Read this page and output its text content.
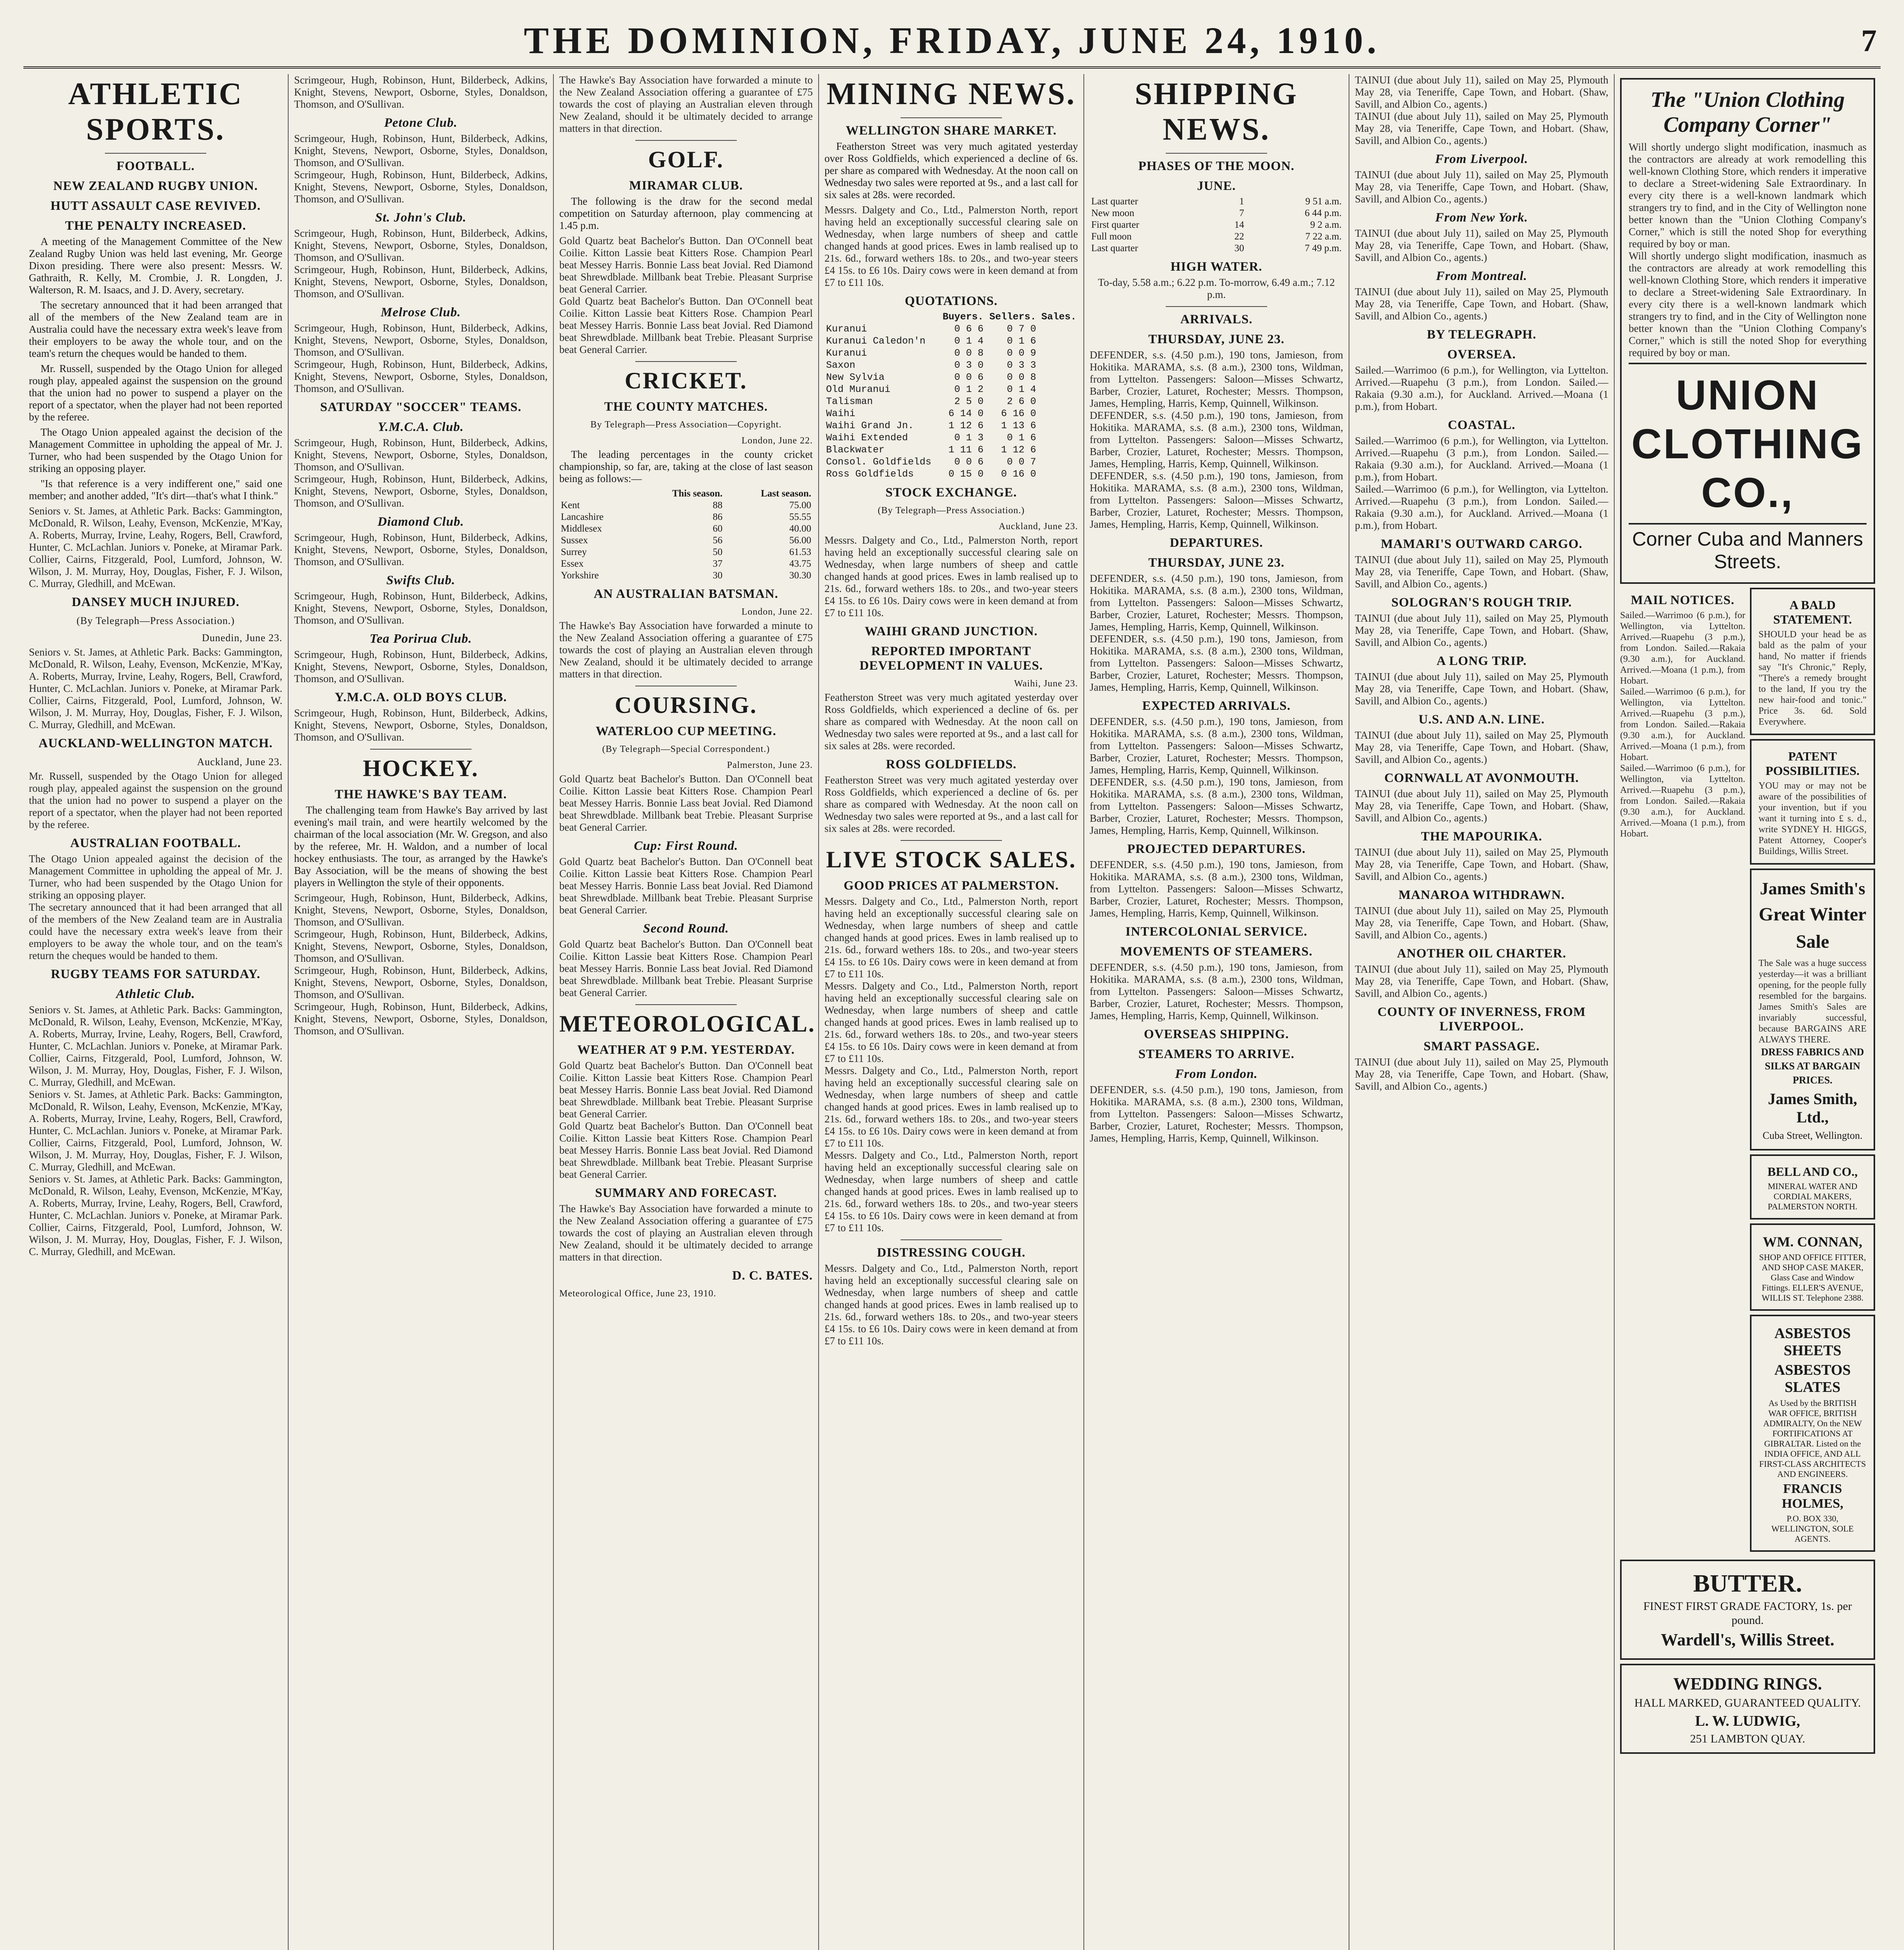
THE DOMINION, FRIDAY, JUNE 24, 1910.	7
ATHLETIC SPORTS.
FOOTBALL.
NEW ZEALAND RUGBY UNION.
HUTT ASSAULT CASE REVIVED.
THE PENALTY INCREASED.

A meeting of the Management Committee of the New Zealand Rugby Union was held last evening, Mr. George Dixon presiding. There were also present: Messrs. W. Gathraith, R. Kelly, M. Crombie, J. R. Longden, J. Walterson, R. M. Isaacs, and J. D. Avery, secretary.

The secretary announced that it had been arranged that all of the members of the New Zealand team are in Australia could have the necessary extra week's leave from their employers to be away the whole tour, and on the team's return the cheques would be handed to them.

Mr. Russell, suspended by the Otago Union for alleged rough play, appealed against the suspension on the ground that the union had no power to suspend a player on the report of a spectator, when the player had not been reported by the referee.

The Otago Union appealed against the decision of the Management Committee in upholding the appeal of Mr. J. Turner, who had been suspended by the Otago Union for striking an opposing player.

"Is that reference is a very indifferent one," said one member; and another added, "It's dirt—that's what I think."

Seniors v. St. James, at Athletic Park. Backs: Gammington, McDonald, R. Wilson, Leahy, Evenson, McKenzie, M'Kay, A. Roberts, Murray, Irvine, Leahy, Rogers, Bell, Crawford, Hunter, C. McLachlan. Juniors v. Poneke, at Miramar Park. Collier, Cairns, Fitzgerald, Pool, Lumford, Johnson, W. Wilson, J. M. Murray, Hoy, Douglas, Fisher, F. J. Wilson, C. Murray, Gledhill, and McEwan.
DANSEY MUCH INJURED.
(By Telegraph—Press Association.)
Dunedin, June 23.
Seniors v. St. James, at Athletic Park. Backs: Gammington, McDonald, R. Wilson, Leahy, Evenson, McKenzie, M'Kay, A. Roberts, Murray, Irvine, Leahy, Rogers, Bell, Crawford, Hunter, C. McLachlan. Juniors v. Poneke, at Miramar Park. Collier, Cairns, Fitzgerald, Pool, Lumford, Johnson, W. Wilson, J. M. Murray, Hoy, Douglas, Fisher, F. J. Wilson, C. Murray, Gledhill, and McEwan.
AUCKLAND-WELLINGTON MATCH.
Auckland, June 23.
Mr. Russell, suspended by the Otago Union for alleged rough play, appealed against the suspension on the ground that the union had no power to suspend a player on the report of a spectator, when the player had not been reported by the referee.
AUSTRALIAN FOOTBALL.
The Otago Union appealed against the decision of the Management Committee in upholding the appeal of Mr. J. Turner, who had been suspended by the Otago Union for striking an opposing player.
The secretary announced that it had been arranged that all of the members of the New Zealand team are in Australia could have the necessary extra week's leave from their employers to be away the whole tour, and on the team's return the cheques would be handed to them.
RUGBY TEAMS FOR SATURDAY.
Athletic Club.
Seniors v. St. James, at Athletic Park. Backs: Gammington, McDonald, R. Wilson, Leahy, Evenson, McKenzie, M'Kay, A. Roberts, Murray, Irvine, Leahy, Rogers, Bell, Crawford, Hunter, C. McLachlan. Juniors v. Poneke, at Miramar Park. Collier, Cairns, Fitzgerald, Pool, Lumford, Johnson, W. Wilson, J. M. Murray, Hoy, Douglas, Fisher, F. J. Wilson, C. Murray, Gledhill, and McEwan.
Seniors v. St. James, at Athletic Park. Backs: Gammington, McDonald, R. Wilson, Leahy, Evenson, McKenzie, M'Kay, A. Roberts, Murray, Irvine, Leahy, Rogers, Bell, Crawford, Hunter, C. McLachlan. Juniors v. Poneke, at Miramar Park. Collier, Cairns, Fitzgerald, Pool, Lumford, Johnson, W. Wilson, J. M. Murray, Hoy, Douglas, Fisher, F. J. Wilson, C. Murray, Gledhill, and McEwan.
Seniors v. St. James, at Athletic Park. Backs: Gammington, McDonald, R. Wilson, Leahy, Evenson, McKenzie, M'Kay, A. Roberts, Murray, Irvine, Leahy, Rogers, Bell, Crawford, Hunter, C. McLachlan. Juniors v. Poneke, at Miramar Park. Collier, Cairns, Fitzgerald, Pool, Lumford, Johnson, W. Wilson, J. M. Murray, Hoy, Douglas, Fisher, F. J. Wilson, C. Murray, Gledhill, and McEwan.
Scrimgeour, Hugh, Robinson, Hunt, Bilderbeck, Adkins, Knight, Stevens, Newport, Osborne, Styles, Donaldson, Thomson, and O'Sullivan.
Petone Club.
Scrimgeour, Hugh, Robinson, Hunt, Bilderbeck, Adkins, Knight, Stevens, Newport, Osborne, Styles, Donaldson, Thomson, and O'Sullivan.
Scrimgeour, Hugh, Robinson, Hunt, Bilderbeck, Adkins, Knight, Stevens, Newport, Osborne, Styles, Donaldson, Thomson, and O'Sullivan.
St. John's Club.
Scrimgeour, Hugh, Robinson, Hunt, Bilderbeck, Adkins, Knight, Stevens, Newport, Osborne, Styles, Donaldson, Thomson, and O'Sullivan.
Scrimgeour, Hugh, Robinson, Hunt, Bilderbeck, Adkins, Knight, Stevens, Newport, Osborne, Styles, Donaldson, Thomson, and O'Sullivan.
Melrose Club.
Scrimgeour, Hugh, Robinson, Hunt, Bilderbeck, Adkins, Knight, Stevens, Newport, Osborne, Styles, Donaldson, Thomson, and O'Sullivan.
Scrimgeour, Hugh, Robinson, Hunt, Bilderbeck, Adkins, Knight, Stevens, Newport, Osborne, Styles, Donaldson, Thomson, and O'Sullivan.
SATURDAY "SOCCER" TEAMS.
Y.M.C.A. Club.
Scrimgeour, Hugh, Robinson, Hunt, Bilderbeck, Adkins, Knight, Stevens, Newport, Osborne, Styles, Donaldson, Thomson, and O'Sullivan.
Scrimgeour, Hugh, Robinson, Hunt, Bilderbeck, Adkins, Knight, Stevens, Newport, Osborne, Styles, Donaldson, Thomson, and O'Sullivan.
Diamond Club.
Scrimgeour, Hugh, Robinson, Hunt, Bilderbeck, Adkins, Knight, Stevens, Newport, Osborne, Styles, Donaldson, Thomson, and O'Sullivan.
Swifts Club.
Scrimgeour, Hugh, Robinson, Hunt, Bilderbeck, Adkins, Knight, Stevens, Newport, Osborne, Styles, Donaldson, Thomson, and O'Sullivan.
Tea Porirua Club.
Scrimgeour, Hugh, Robinson, Hunt, Bilderbeck, Adkins, Knight, Stevens, Newport, Osborne, Styles, Donaldson, Thomson, and O'Sullivan.
Y.M.C.A. OLD BOYS CLUB.
Scrimgeour, Hugh, Robinson, Hunt, Bilderbeck, Adkins, Knight, Stevens, Newport, Osborne, Styles, Donaldson, Thomson, and O'Sullivan.
HOCKEY.
THE HAWKE'S BAY TEAM.

The challenging team from Hawke's Bay arrived by last evening's mail train, and were heartily welcomed by the chairman of the local association (Mr. W. Gregson, and also by the referee, Mr. H. Waldon, and a number of local hockey enthusiasts. The tour, as arranged by the Hawke's Bay Association, will be the means of showing the best players in Wellington the style of their opponents.

Scrimgeour, Hugh, Robinson, Hunt, Bilderbeck, Adkins, Knight, Stevens, Newport, Osborne, Styles, Donaldson, Thomson, and O'Sullivan.
Scrimgeour, Hugh, Robinson, Hunt, Bilderbeck, Adkins, Knight, Stevens, Newport, Osborne, Styles, Donaldson, Thomson, and O'Sullivan.
Scrimgeour, Hugh, Robinson, Hunt, Bilderbeck, Adkins, Knight, Stevens, Newport, Osborne, Styles, Donaldson, Thomson, and O'Sullivan.
Scrimgeour, Hugh, Robinson, Hunt, Bilderbeck, Adkins, Knight, Stevens, Newport, Osborne, Styles, Donaldson, Thomson, and O'Sullivan.
The Hawke's Bay Association have forwarded a minute to the New Zealand Association offering a guarantee of £75 towards the cost of playing an Australian eleven through New Zealand, should it be ultimately decided to arrange matters in that direction.
GOLF.
MIRAMAR CLUB.

The following is the draw for the second medal competition on Saturday afternoon, play commencing at 1.45 p.m.

Gold Quartz beat Bachelor's Button. Dan O'Connell beat Coilie. Kitton Lassie beat Kitters Rose. Champion Pearl beat Messey Harris. Bonnie Lass beat Jovial. Red Diamond beat Shrewdblade. Millbank beat Trebie. Pleasant Surprise beat General Carrier.
Gold Quartz beat Bachelor's Button. Dan O'Connell beat Coilie. Kitton Lassie beat Kitters Rose. Champion Pearl beat Messey Harris. Bonnie Lass beat Jovial. Red Diamond beat Shrewdblade. Millbank beat Trebie. Pleasant Surprise beat General Carrier.
CRICKET.
THE COUNTY MATCHES.
By Telegraph—Press Association—Copyright.
London, June 22.

The leading percentages in the county cricket championship, so far, are, taking at the close of last season being as follows:—

	This season.	Last season.
Kent	88	75.00
Lancashire	86	55.55
Middlesex	60	40.00
Sussex	56	56.00
Surrey	50	61.53
Essex	37	43.75
Yorkshire	30	30.30
AN AUSTRALIAN BATSMAN.
London, June 22.
The Hawke's Bay Association have forwarded a minute to the New Zealand Association offering a guarantee of £75 towards the cost of playing an Australian eleven through New Zealand, should it be ultimately decided to arrange matters in that direction.
COURSING.
WATERLOO CUP MEETING.
(By Telegraph—Special Correspondent.)
Palmerston, June 23.
Gold Quartz beat Bachelor's Button. Dan O'Connell beat Coilie. Kitton Lassie beat Kitters Rose. Champion Pearl beat Messey Harris. Bonnie Lass beat Jovial. Red Diamond beat Shrewdblade. Millbank beat Trebie. Pleasant Surprise beat General Carrier.
Cup: First Round.
Gold Quartz beat Bachelor's Button. Dan O'Connell beat Coilie. Kitton Lassie beat Kitters Rose. Champion Pearl beat Messey Harris. Bonnie Lass beat Jovial. Red Diamond beat Shrewdblade. Millbank beat Trebie. Pleasant Surprise beat General Carrier.
Second Round.
Gold Quartz beat Bachelor's Button. Dan O'Connell beat Coilie. Kitton Lassie beat Kitters Rose. Champion Pearl beat Messey Harris. Bonnie Lass beat Jovial. Red Diamond beat Shrewdblade. Millbank beat Trebie. Pleasant Surprise beat General Carrier.
METEOROLOGICAL.
WEATHER AT 9 P.M. YESTERDAY.
Gold Quartz beat Bachelor's Button. Dan O'Connell beat Coilie. Kitton Lassie beat Kitters Rose. Champion Pearl beat Messey Harris. Bonnie Lass beat Jovial. Red Diamond beat Shrewdblade. Millbank beat Trebie. Pleasant Surprise beat General Carrier.
Gold Quartz beat Bachelor's Button. Dan O'Connell beat Coilie. Kitton Lassie beat Kitters Rose. Champion Pearl beat Messey Harris. Bonnie Lass beat Jovial. Red Diamond beat Shrewdblade. Millbank beat Trebie. Pleasant Surprise beat General Carrier.
SUMMARY AND FORECAST.
The Hawke's Bay Association have forwarded a minute to the New Zealand Association offering a guarantee of £75 towards the cost of playing an Australian eleven through New Zealand, should it be ultimately decided to arrange matters in that direction.
D. C. BATES.
Meteorological Office, June 23, 1910.
MINING NEWS.
WELLINGTON SHARE MARKET.

Featherston Street was very much agitated yesterday over Ross Goldfields, which experienced a decline of 6s. per share as compared with Wednesday. At the noon call on Wednesday two sales were reported at 9s., and a last call for six sales at 28s. were recorded.

Messrs. Dalgety and Co., Ltd., Palmerston North, report having held an exceptionally successful clearing sale on Wednesday, when large numbers of sheep and cattle changed hands at good prices. Ewes in lamb realised up to 21s. 6d., forward wethers 18s. to 20s., and two-year steers £4 15s. to £6 10s. Dairy cows were in keen demand at from £7 to £11 10s.
QUOTATIONS.
	Buyers.	Sellers.	Sales.
Kuranui	0 6 6	0 7 0	
Kuranui Caledon'n	0 1 4	0 1 6	
Kuranui	0 0 8	0 0 9	
Saxon	0 3 0	0 3 3	
New Sylvia	0 0 6	0 0 8	
Old Muranui	0 1 2	0 1 4	
Talisman	2 5 0	2 6 0	
Waihi	6 14 0	6 16 0	
Waihi Grand Jn.	1 12 6	1 13 6	
Waihi Extended	0 1 3	0 1 6	
Blackwater	1 11 6	1 12 6	
Consol. Goldfields	0 0 6	0 0 7	
Ross Goldfields	0 15 0	0 16 0	
STOCK EXCHANGE.
(By Telegraph—Press Association.)
Auckland, June 23.
Messrs. Dalgety and Co., Ltd., Palmerston North, report having held an exceptionally successful clearing sale on Wednesday, when large numbers of sheep and cattle changed hands at good prices. Ewes in lamb realised up to 21s. 6d., forward wethers 18s. to 20s., and two-year steers £4 15s. to £6 10s. Dairy cows were in keen demand at from £7 to £11 10s.
WAIHI GRAND JUNCTION.
REPORTED IMPORTANT DEVELOPMENT IN VALUES.
Waihi, June 23.
Featherston Street was very much agitated yesterday over Ross Goldfields, which experienced a decline of 6s. per share as compared with Wednesday. At the noon call on Wednesday two sales were reported at 9s., and a last call for six sales at 28s. were recorded.
ROSS GOLDFIELDS.
Featherston Street was very much agitated yesterday over Ross Goldfields, which experienced a decline of 6s. per share as compared with Wednesday. At the noon call on Wednesday two sales were reported at 9s., and a last call for six sales at 28s. were recorded.
LIVE STOCK SALES.
GOOD PRICES AT PALMERSTON.
Messrs. Dalgety and Co., Ltd., Palmerston North, report having held an exceptionally successful clearing sale on Wednesday, when large numbers of sheep and cattle changed hands at good prices. Ewes in lamb realised up to 21s. 6d., forward wethers 18s. to 20s., and two-year steers £4 15s. to £6 10s. Dairy cows were in keen demand at from £7 to £11 10s.
Messrs. Dalgety and Co., Ltd., Palmerston North, report having held an exceptionally successful clearing sale on Wednesday, when large numbers of sheep and cattle changed hands at good prices. Ewes in lamb realised up to 21s. 6d., forward wethers 18s. to 20s., and two-year steers £4 15s. to £6 10s. Dairy cows were in keen demand at from £7 to £11 10s.
Messrs. Dalgety and Co., Ltd., Palmerston North, report having held an exceptionally successful clearing sale on Wednesday, when large numbers of sheep and cattle changed hands at good prices. Ewes in lamb realised up to 21s. 6d., forward wethers 18s. to 20s., and two-year steers £4 15s. to £6 10s. Dairy cows were in keen demand at from £7 to £11 10s.
Messrs. Dalgety and Co., Ltd., Palmerston North, report having held an exceptionally successful clearing sale on Wednesday, when large numbers of sheep and cattle changed hands at good prices. Ewes in lamb realised up to 21s. 6d., forward wethers 18s. to 20s., and two-year steers £4 15s. to £6 10s. Dairy cows were in keen demand at from £7 to £11 10s.
DISTRESSING COUGH.
Messrs. Dalgety and Co., Ltd., Palmerston North, report having held an exceptionally successful clearing sale on Wednesday, when large numbers of sheep and cattle changed hands at good prices. Ewes in lamb realised up to 21s. 6d., forward wethers 18s. to 20s., and two-year steers £4 15s. to £6 10s. Dairy cows were in keen demand at from £7 to £11 10s.
SHIPPING NEWS.
PHASES OF THE MOON.
JUNE.
Last quarter	1	9 51 a.m.
New moon	7	6 44 p.m.
First quarter	14	9 2 a.m.
Full moon	22	7 22 a.m.
Last quarter	30	7 49 p.m.
HIGH WATER.
To-day, 5.58 a.m.; 6.22 p.m. To-morrow, 6.49 a.m.; 7.12 p.m.
ARRIVALS.
THURSDAY, JUNE 23.
DEFENDER, s.s. (4.50 p.m.), 190 tons, Jamieson, from Hokitika. MARAMA, s.s. (8 a.m.), 2300 tons, Wildman, from Lyttelton. Passengers: Saloon—Misses Schwartz, Barber, Crozier, Laturet, Rochester; Messrs. Thompson, James, Hempling, Harris, Kemp, Quinnell, Wilkinson.
DEFENDER, s.s. (4.50 p.m.), 190 tons, Jamieson, from Hokitika. MARAMA, s.s. (8 a.m.), 2300 tons, Wildman, from Lyttelton. Passengers: Saloon—Misses Schwartz, Barber, Crozier, Laturet, Rochester; Messrs. Thompson, James, Hempling, Harris, Kemp, Quinnell, Wilkinson.
DEFENDER, s.s. (4.50 p.m.), 190 tons, Jamieson, from Hokitika. MARAMA, s.s. (8 a.m.), 2300 tons, Wildman, from Lyttelton. Passengers: Saloon—Misses Schwartz, Barber, Crozier, Laturet, Rochester; Messrs. Thompson, James, Hempling, Harris, Kemp, Quinnell, Wilkinson.
DEPARTURES.
THURSDAY, JUNE 23.
DEFENDER, s.s. (4.50 p.m.), 190 tons, Jamieson, from Hokitika. MARAMA, s.s. (8 a.m.), 2300 tons, Wildman, from Lyttelton. Passengers: Saloon—Misses Schwartz, Barber, Crozier, Laturet, Rochester; Messrs. Thompson, James, Hempling, Harris, Kemp, Quinnell, Wilkinson.
DEFENDER, s.s. (4.50 p.m.), 190 tons, Jamieson, from Hokitika. MARAMA, s.s. (8 a.m.), 2300 tons, Wildman, from Lyttelton. Passengers: Saloon—Misses Schwartz, Barber, Crozier, Laturet, Rochester; Messrs. Thompson, James, Hempling, Harris, Kemp, Quinnell, Wilkinson.
EXPECTED ARRIVALS.
DEFENDER, s.s. (4.50 p.m.), 190 tons, Jamieson, from Hokitika. MARAMA, s.s. (8 a.m.), 2300 tons, Wildman, from Lyttelton. Passengers: Saloon—Misses Schwartz, Barber, Crozier, Laturet, Rochester; Messrs. Thompson, James, Hempling, Harris, Kemp, Quinnell, Wilkinson.
DEFENDER, s.s. (4.50 p.m.), 190 tons, Jamieson, from Hokitika. MARAMA, s.s. (8 a.m.), 2300 tons, Wildman, from Lyttelton. Passengers: Saloon—Misses Schwartz, Barber, Crozier, Laturet, Rochester; Messrs. Thompson, James, Hempling, Harris, Kemp, Quinnell, Wilkinson.
PROJECTED DEPARTURES.
DEFENDER, s.s. (4.50 p.m.), 190 tons, Jamieson, from Hokitika. MARAMA, s.s. (8 a.m.), 2300 tons, Wildman, from Lyttelton. Passengers: Saloon—Misses Schwartz, Barber, Crozier, Laturet, Rochester; Messrs. Thompson, James, Hempling, Harris, Kemp, Quinnell, Wilkinson.
INTERCOLONIAL SERVICE.
MOVEMENTS OF STEAMERS.
DEFENDER, s.s. (4.50 p.m.), 190 tons, Jamieson, from Hokitika. MARAMA, s.s. (8 a.m.), 2300 tons, Wildman, from Lyttelton. Passengers: Saloon—Misses Schwartz, Barber, Crozier, Laturet, Rochester; Messrs. Thompson, James, Hempling, Harris, Kemp, Quinnell, Wilkinson.
OVERSEAS SHIPPING.
STEAMERS TO ARRIVE.
From London.
DEFENDER, s.s. (4.50 p.m.), 190 tons, Jamieson, from Hokitika. MARAMA, s.s. (8 a.m.), 2300 tons, Wildman, from Lyttelton. Passengers: Saloon—Misses Schwartz, Barber, Crozier, Laturet, Rochester; Messrs. Thompson, James, Hempling, Harris, Kemp, Quinnell, Wilkinson.
TAINUI (due about July 11), sailed on May 25, Plymouth May 28, via Teneriffe, Cape Town, and Hobart. (Shaw, Savill, and Albion Co., agents.)
TAINUI (due about July 11), sailed on May 25, Plymouth May 28, via Teneriffe, Cape Town, and Hobart. (Shaw, Savill, and Albion Co., agents.)
From Liverpool.
TAINUI (due about July 11), sailed on May 25, Plymouth May 28, via Teneriffe, Cape Town, and Hobart. (Shaw, Savill, and Albion Co., agents.)
From New York.
TAINUI (due about July 11), sailed on May 25, Plymouth May 28, via Teneriffe, Cape Town, and Hobart. (Shaw, Savill, and Albion Co., agents.)
From Montreal.
TAINUI (due about July 11), sailed on May 25, Plymouth May 28, via Teneriffe, Cape Town, and Hobart. (Shaw, Savill, and Albion Co., agents.)
BY TELEGRAPH.
OVERSEA.
Sailed.—Warrimoo (6 p.m.), for Wellington, via Lyttelton. Arrived.—Ruapehu (3 p.m.), from London. Sailed.—Rakaia (9.30 a.m.), for Auckland. Arrived.—Moana (1 p.m.), from Hobart.
COASTAL.
Sailed.—Warrimoo (6 p.m.), for Wellington, via Lyttelton. Arrived.—Ruapehu (3 p.m.), from London. Sailed.—Rakaia (9.30 a.m.), for Auckland. Arrived.—Moana (1 p.m.), from Hobart.
Sailed.—Warrimoo (6 p.m.), for Wellington, via Lyttelton. Arrived.—Ruapehu (3 p.m.), from London. Sailed.—Rakaia (9.30 a.m.), for Auckland. Arrived.—Moana (1 p.m.), from Hobart.
MAMARI'S OUTWARD CARGO.
TAINUI (due about July 11), sailed on May 25, Plymouth May 28, via Teneriffe, Cape Town, and Hobart. (Shaw, Savill, and Albion Co., agents.)
SOLOGRAN'S ROUGH TRIP.
TAINUI (due about July 11), sailed on May 25, Plymouth May 28, via Teneriffe, Cape Town, and Hobart. (Shaw, Savill, and Albion Co., agents.)
A LONG TRIP.
TAINUI (due about July 11), sailed on May 25, Plymouth May 28, via Teneriffe, Cape Town, and Hobart. (Shaw, Savill, and Albion Co., agents.)
U.S. AND A.N. LINE.
TAINUI (due about July 11), sailed on May 25, Plymouth May 28, via Teneriffe, Cape Town, and Hobart. (Shaw, Savill, and Albion Co., agents.)
CORNWALL AT AVONMOUTH.
TAINUI (due about July 11), sailed on May 25, Plymouth May 28, via Teneriffe, Cape Town, and Hobart. (Shaw, Savill, and Albion Co., agents.)
THE MAPOURIKA.
TAINUI (due about July 11), sailed on May 25, Plymouth May 28, via Teneriffe, Cape Town, and Hobart. (Shaw, Savill, and Albion Co., agents.)
MANAROA WITHDRAWN.
TAINUI (due about July 11), sailed on May 25, Plymouth May 28, via Teneriffe, Cape Town, and Hobart. (Shaw, Savill, and Albion Co., agents.)
ANOTHER OIL CHARTER.
TAINUI (due about July 11), sailed on May 25, Plymouth May 28, via Teneriffe, Cape Town, and Hobart. (Shaw, Savill, and Albion Co., agents.)
COUNTY OF INVERNESS, FROM LIVERPOOL.
SMART PASSAGE.
TAINUI (due about July 11), sailed on May 25, Plymouth May 28, via Teneriffe, Cape Town, and Hobart. (Shaw, Savill, and Albion Co., agents.)
The "Union Clothing Company Corner"
Will shortly undergo slight modification, inasmuch as the contractors are already at work remodelling this well-known Clothing Store, which renders it imperative to declare a Street-widening Sale Extraordinary. In every city there is a well-known landmark which strangers try to find, and in the City of Wellington none better known than the "Union Clothing Company's Corner," which is still the noted Shop for everything required by boy or man.
Will shortly undergo slight modification, inasmuch as the contractors are already at work remodelling this well-known Clothing Store, which renders it imperative to declare a Street-widening Sale Extraordinary. In every city there is a well-known landmark which strangers try to find, and in the City of Wellington none better known than the "Union Clothing Company's Corner," which is still the noted Shop for everything required by boy or man.
UNION CLOTHING CO.,
Corner Cuba and Manners Streets.
MAIL NOTICES.
Sailed.—Warrimoo (6 p.m.), for Wellington, via Lyttelton. Arrived.—Ruapehu (3 p.m.), from London. Sailed.—Rakaia (9.30 a.m.), for Auckland. Arrived.—Moana (1 p.m.), from Hobart.
Sailed.—Warrimoo (6 p.m.), for Wellington, via Lyttelton. Arrived.—Ruapehu (3 p.m.), from London. Sailed.—Rakaia (9.30 a.m.), for Auckland. Arrived.—Moana (1 p.m.), from Hobart.
Sailed.—Warrimoo (6 p.m.), for Wellington, via Lyttelton. Arrived.—Ruapehu (3 p.m.), from London. Sailed.—Rakaia (9.30 a.m.), for Auckland. Arrived.—Moana (1 p.m.), from Hobart.
A BALD STATEMENT.
SHOULD your head be as bald as the palm of your hand, No matter if friends say "It's Chronic," Reply, "There's a remedy brought to the land, If you try the new hair-food and tonic." Price 3s. 6d. Sold Everywhere.
PATENT POSSIBILITIES.
YOU may or may not be aware of the possibilities of your invention, but if you want it turning into £ s. d., write SYDNEY H. HIGGS, Patent Attorney, Cooper's Buildings, Willis Street.
James Smith's
Great Winter Sale
The Sale was a huge success yesterday—it was a brilliant opening, for the people fully resembled for the bargains. James Smith's Sales are invariably successful, because BARGAINS ARE ALWAYS THERE.
DRESS FABRICS AND SILKS AT BARGAIN PRICES.
James Smith, Ltd.,
Cuba Street, Wellington.
BELL AND CO.,
MINERAL WATER AND CORDIAL MAKERS, PALMERSTON NORTH.
WM. CONNAN,
SHOP AND OFFICE FITTER, AND SHOP CASE MAKER, Glass Case and Window Fittings. ELLER'S AVENUE, WILLIS ST. Telephone 2388.
ASBESTOS SHEETS
ASBESTOS SLATES
As Used by the BRITISH WAR OFFICE, BRITISH ADMIRALTY, On the NEW FORTIFICATIONS AT GIBRALTAR. Listed on the INDIA OFFICE, AND ALL FIRST-CLASS ARCHITECTS AND ENGINEERS.
FRANCIS HOLMES,
P.O. BOX 330, WELLINGTON, SOLE AGENTS.
BUTTER.
FINEST FIRST GRADE FACTORY, 1s. per pound.
Wardell's, Willis Street.
WEDDING RINGS.
HALL MARKED, GUARANTEED QUALITY.
L. W. LUDWIG,
251 LAMBTON QUAY.
